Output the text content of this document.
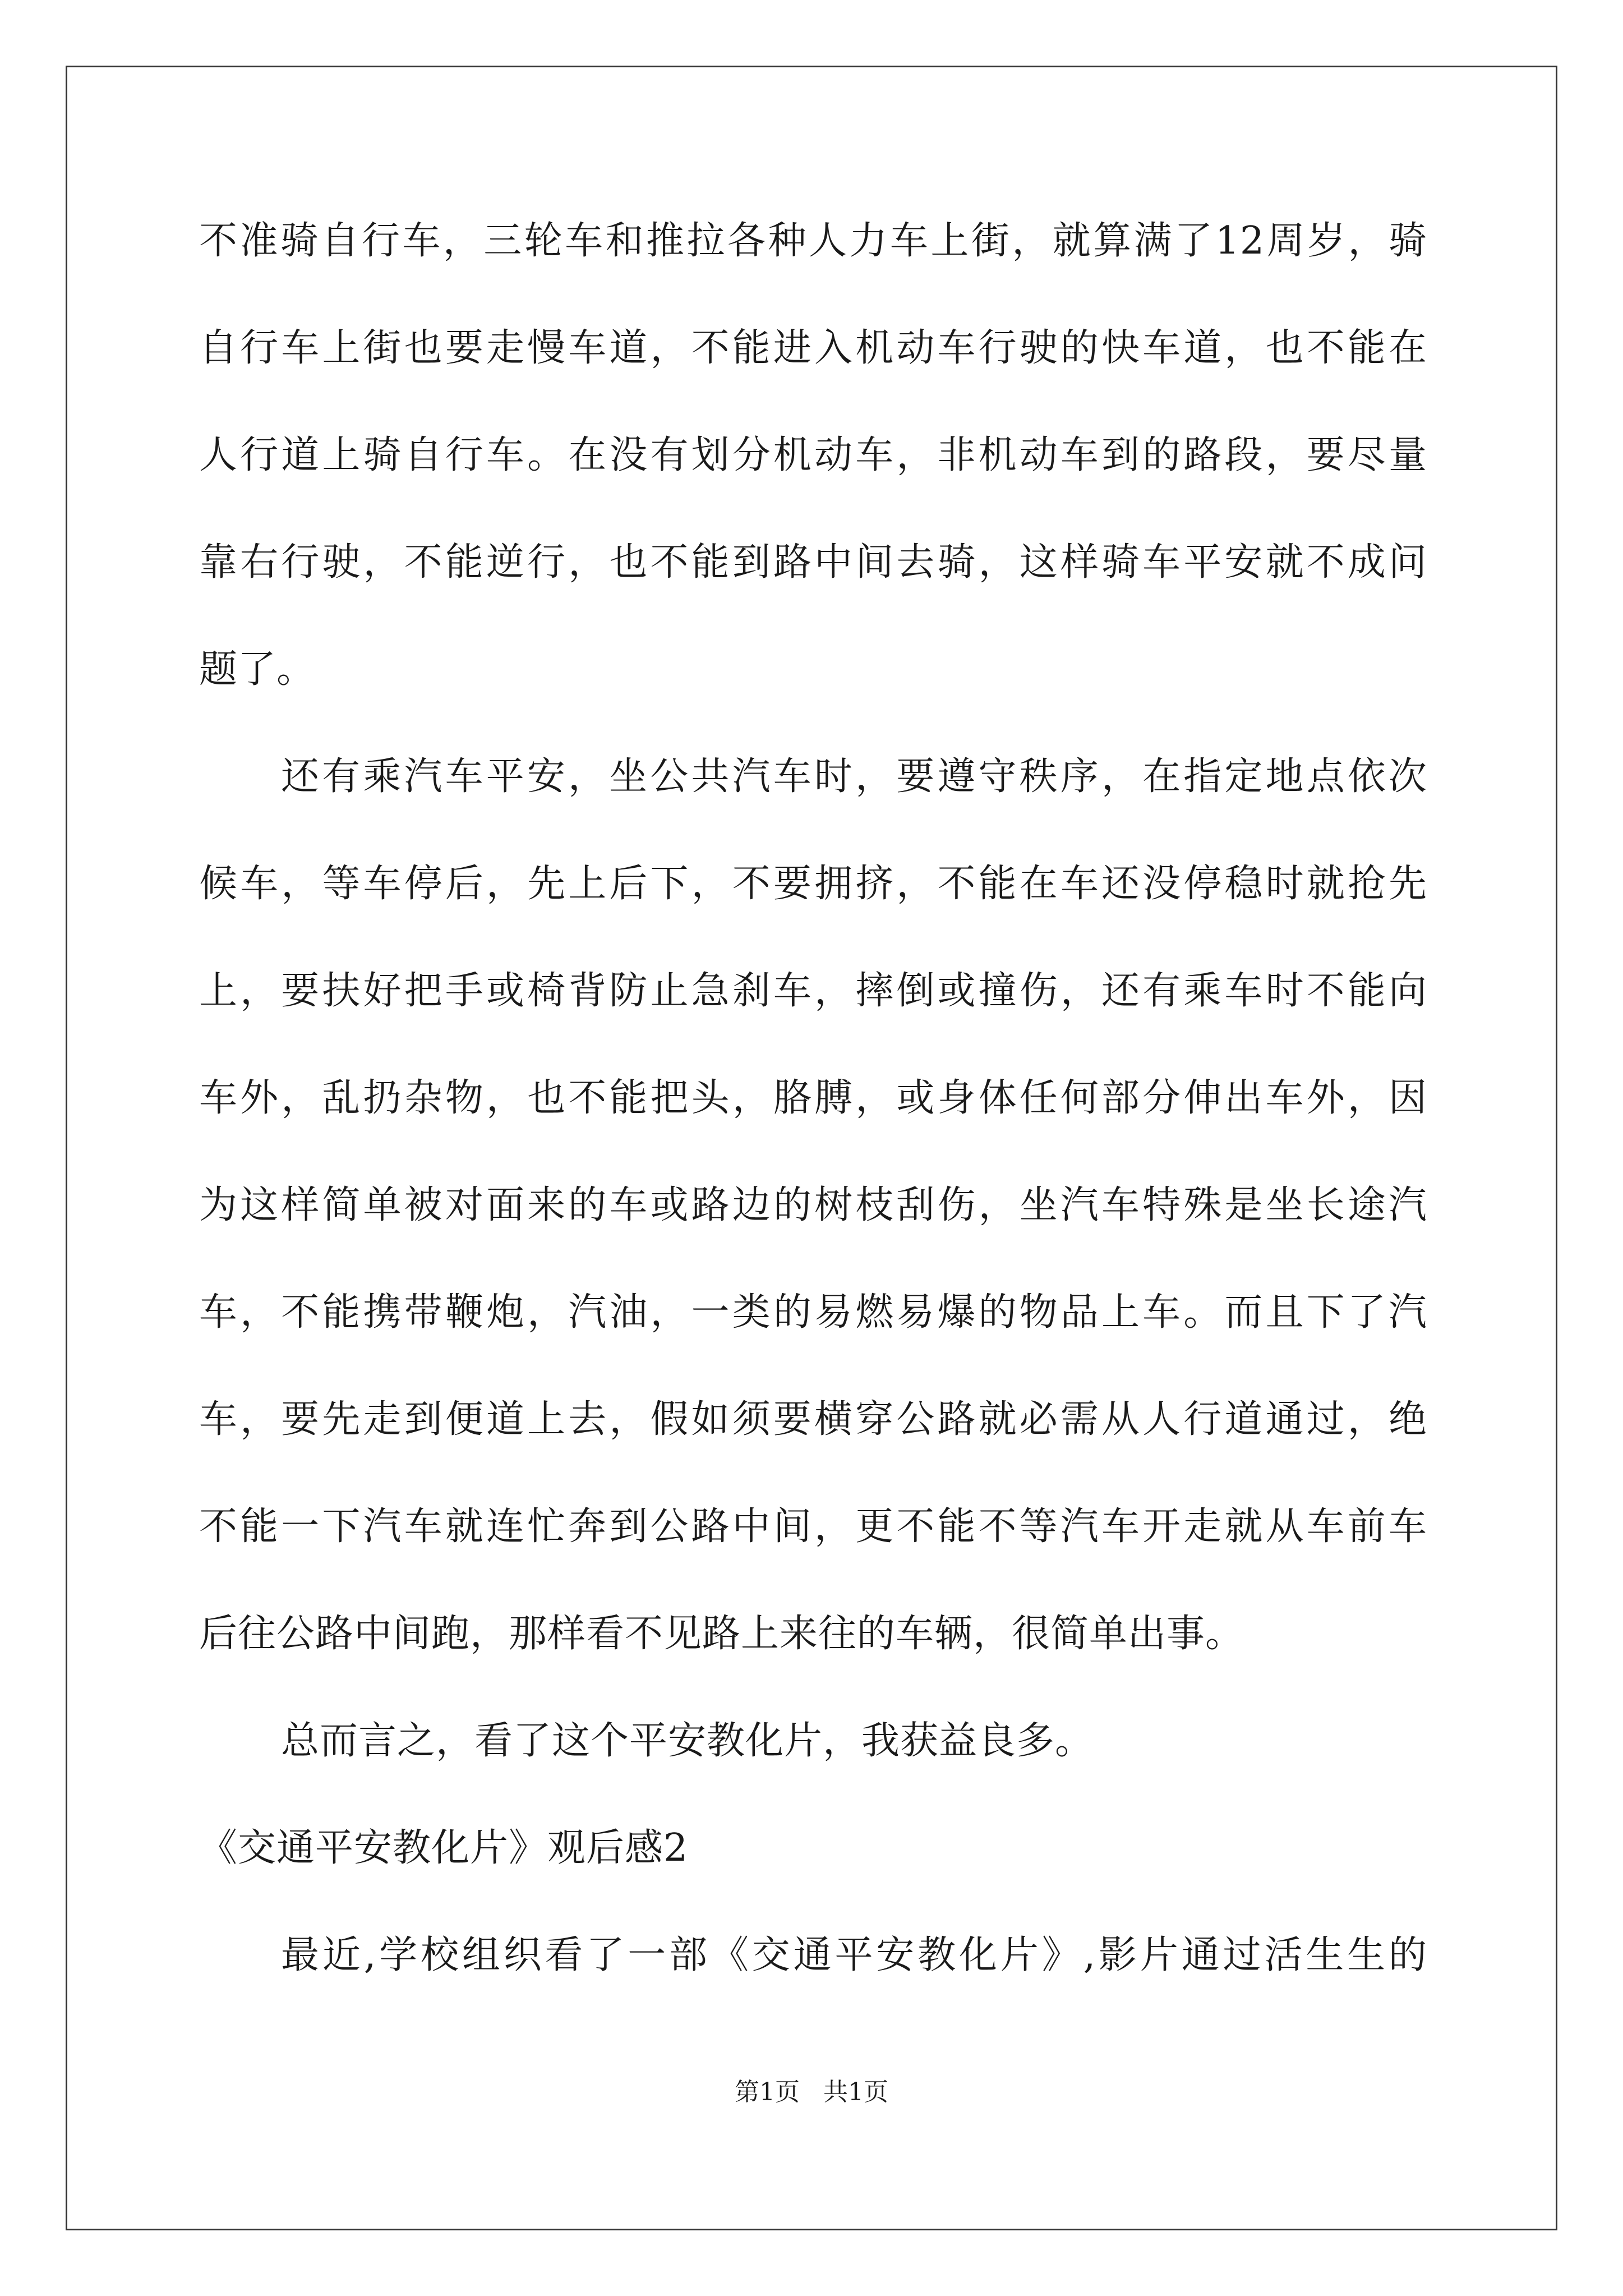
不准骑自行车，三轮车和推拉各种人力车上街，就算满了12周岁，骑
自行车上街也要走慢车道，不能进入机动车行驶的快车道，也不能在
人行道上骑自行车。在没有划分机动车，非机动车到的路段，要尽量
靠右行驶，不能逆行，也不能到路中间去骑，这样骑车平安就不成问
题了。
还有乘汽车平安，坐公共汽车时，要遵守秩序，在指定地点依次
候车，等车停后，先上后下，不要拥挤，不能在车还没停稳时就抢先
上，要扶好把手或椅背防止急刹车，摔倒或撞伤，还有乘车时不能向
车外，乱扔杂物，也不能把头，胳膊，或身体任何部分伸出车外，因
为这样简单被对面来的车或路边的树枝刮伤，坐汽车特殊是坐长途汽
车，不能携带鞭炮，汽油，一类的易燃易爆的物品上车。而且下了汽
车，要先走到便道上去，假如须要横穿公路就必需从人行道通过，绝
不能一下汽车就连忙奔到公路中间，更不能不等汽车开走就从车前车
后往公路中间跑，那样看不见路上来往的车辆，很简单出事。
总而言之，看了这个平安教化片，我获益良多。
《交通平安教化片》观后感2
最近,学校组织看了一部《交通平安教化片》,影片通过活生生的
第1页   共1页
